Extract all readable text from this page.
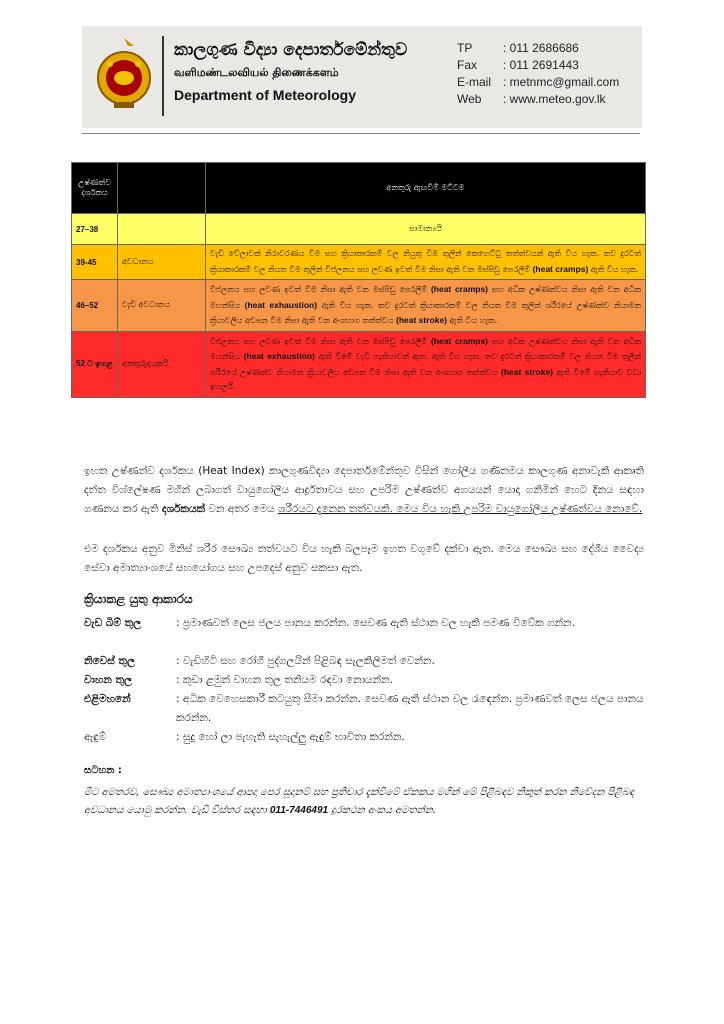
කාලගුණ විද්‍යා දෙපාර්තමේන්තුව
வளிமண்டலவியல் திணைக்களம்
Department of Meteorology
TP	: 011 2686686
Fax	: 011 2691443
E-mail : metnmc@gmail.com
Web	: www.meteo.gov.lk
උෂ්ණත්ව දර්ශකය		අනතුරු ඇඟවීම් මට්ටම
27–38		සාමාන්‍යයි
39-45	අවධානය	වැඩි වේලාවක් නිරාවරණය වීම සහ ක්‍රියාකාරකම් වල නියුතු වීම තුලින් කෙහෙට්ටු තත්ත්වයන් ඇති විය හැක. තව දුරටත් ක්‍රියාකාරකම් වල නියත වීම තුලින් විජලනය සහ ලවණ ඉවත් වීම නිසා ඇති වන මස්පිඩු පෙරලීම් (heat cramps) ඇති විය හැක.
46–52	වැඩි අවධානය	විජලනය සහ ලවණ ඉවත් වීම නිසා ඇති වන මස්පිඩු පෙරලීම් (heat cramps) සහ අධික උෂ්ණත්වය නිසා ඇති වන අධික මහන්සිය (heat exhaustion) ඇති විය හැක. තව දුරටත් ක්‍රියාකාරකම් වල නියත වීම තුලින් ශරීරයේ උෂ්ණත්ව නියාමන ක්‍රියාවලිය අඩපන වීම නිසා ඇති වන අංශභාග තත්ත්වය (heat stroke) ඇති විය හැක.
52 ට ඉහළ	අනතුරුදායකයි	විජලනය සහ ලවණ ඉවත් වීම නිසා ඇති වන මස්පිඩු පෙරලීම් (heat cramps) සහ අධික උෂ්ණත්වය නිසා ඇති වන අධික මහන්සිය (heat exhaustion) ඇති වීමේ වැඩි හැකියාවක් ඇත. ඇති විය හැක. තව දුරටත් ක්‍රියාකාරකම් වල නියත වීම තුලින් ශරීරයේ උෂ්ණත්ව නියාමන ක්‍රියාවලිය අඩපන වීම නිසා ඇති වන අංශභාග තත්ත්වය (heat stroke) ඇති වීමේ හැකියාව වඩා ඉහලයි.
ඉහත උෂ්ණත්ව දර්ශකය (Heat Index) කාලගුණවිද්‍යා දෙපාර්තමේන්තුව විසින් ගෝලීය ගණිතමය කාලගුණ අනාවැකි ආකෘති දත්ත විශ්ලේෂණ මගින් ලබාගත් වායුගෝලීය ආර්ද්‍රතාවය සහ උපරිම උෂ්ණත්ව අගයයන් යොදා ගනිමින් හෙට දිනය සඳහා ගණනය කර ඇති දර්ශකයක් වන අතර මෙය ශරීරයට දැනෙන තත්වයකි. මෙය විය හැකි උපරිම වායුගෝලීය උෂ්ණත්වය නොවේ.
එම දර්ශකය අනුව මිනිස් ශරීර සෞඛ්‍ය තත්වයට විය හැකි බලපෑම ඉහත වගුවේ දක්වා ඇත. මෙය සෞඛ්‍ය සහ දේශීය වෛද්‍ය සේවා අමාත්‍යාංශයේ සහයෝගය සහ උපදෙස් අනුව සකසා ඇත.
ක්‍රියාකළ යුතු ආකාරය
වැඩ බිම් තුල	: ප්‍රමාණවත් ලෙස ජලය පානය කරන්න. සෙවණ ඇති ස්ථාන වල හැකි පමණ විවේක ගන්න.
නිවෙස් තුල	: වැඩිහිටි සහ රෝගී පුද්ගලයින් පිළිබඳ සැලකිලිමත් වෙන්න.
වාහන තුල	: කුඩා ළමුන් වාහන තුල තනියම රඳවා නොයන්න.
එළිමහනේ	: අධික වෙහෙසකාරී කටයුතු සීමා කරන්න. සෙවණ ඇති ස්ථාන වල රැඳෙන්න. ප්‍රමාණවත් ලෙස ජලය පානය කරන්න.
ඇඳුම්	: සුදු හෝ ලා පැහැති සැහැල්ලු ඇඳුම් භාවිතා කරන්න.
සටහන :
මීට අමතරව, සෞඛ්‍ය අමාත්‍යාංශයේ ආපදා පෙර සූදානම් සහ ප්‍රතිචාර දැක්වීමේ ඒකකය මගින් මේ පිළිබඳව නිකුත් කරන නිවේදන පිළිබඳ අවධානය යොමු කරන්න. වැඩි විස්තර සඳහා 011-7446491 දුරකථන අංකය අමතන්න.
